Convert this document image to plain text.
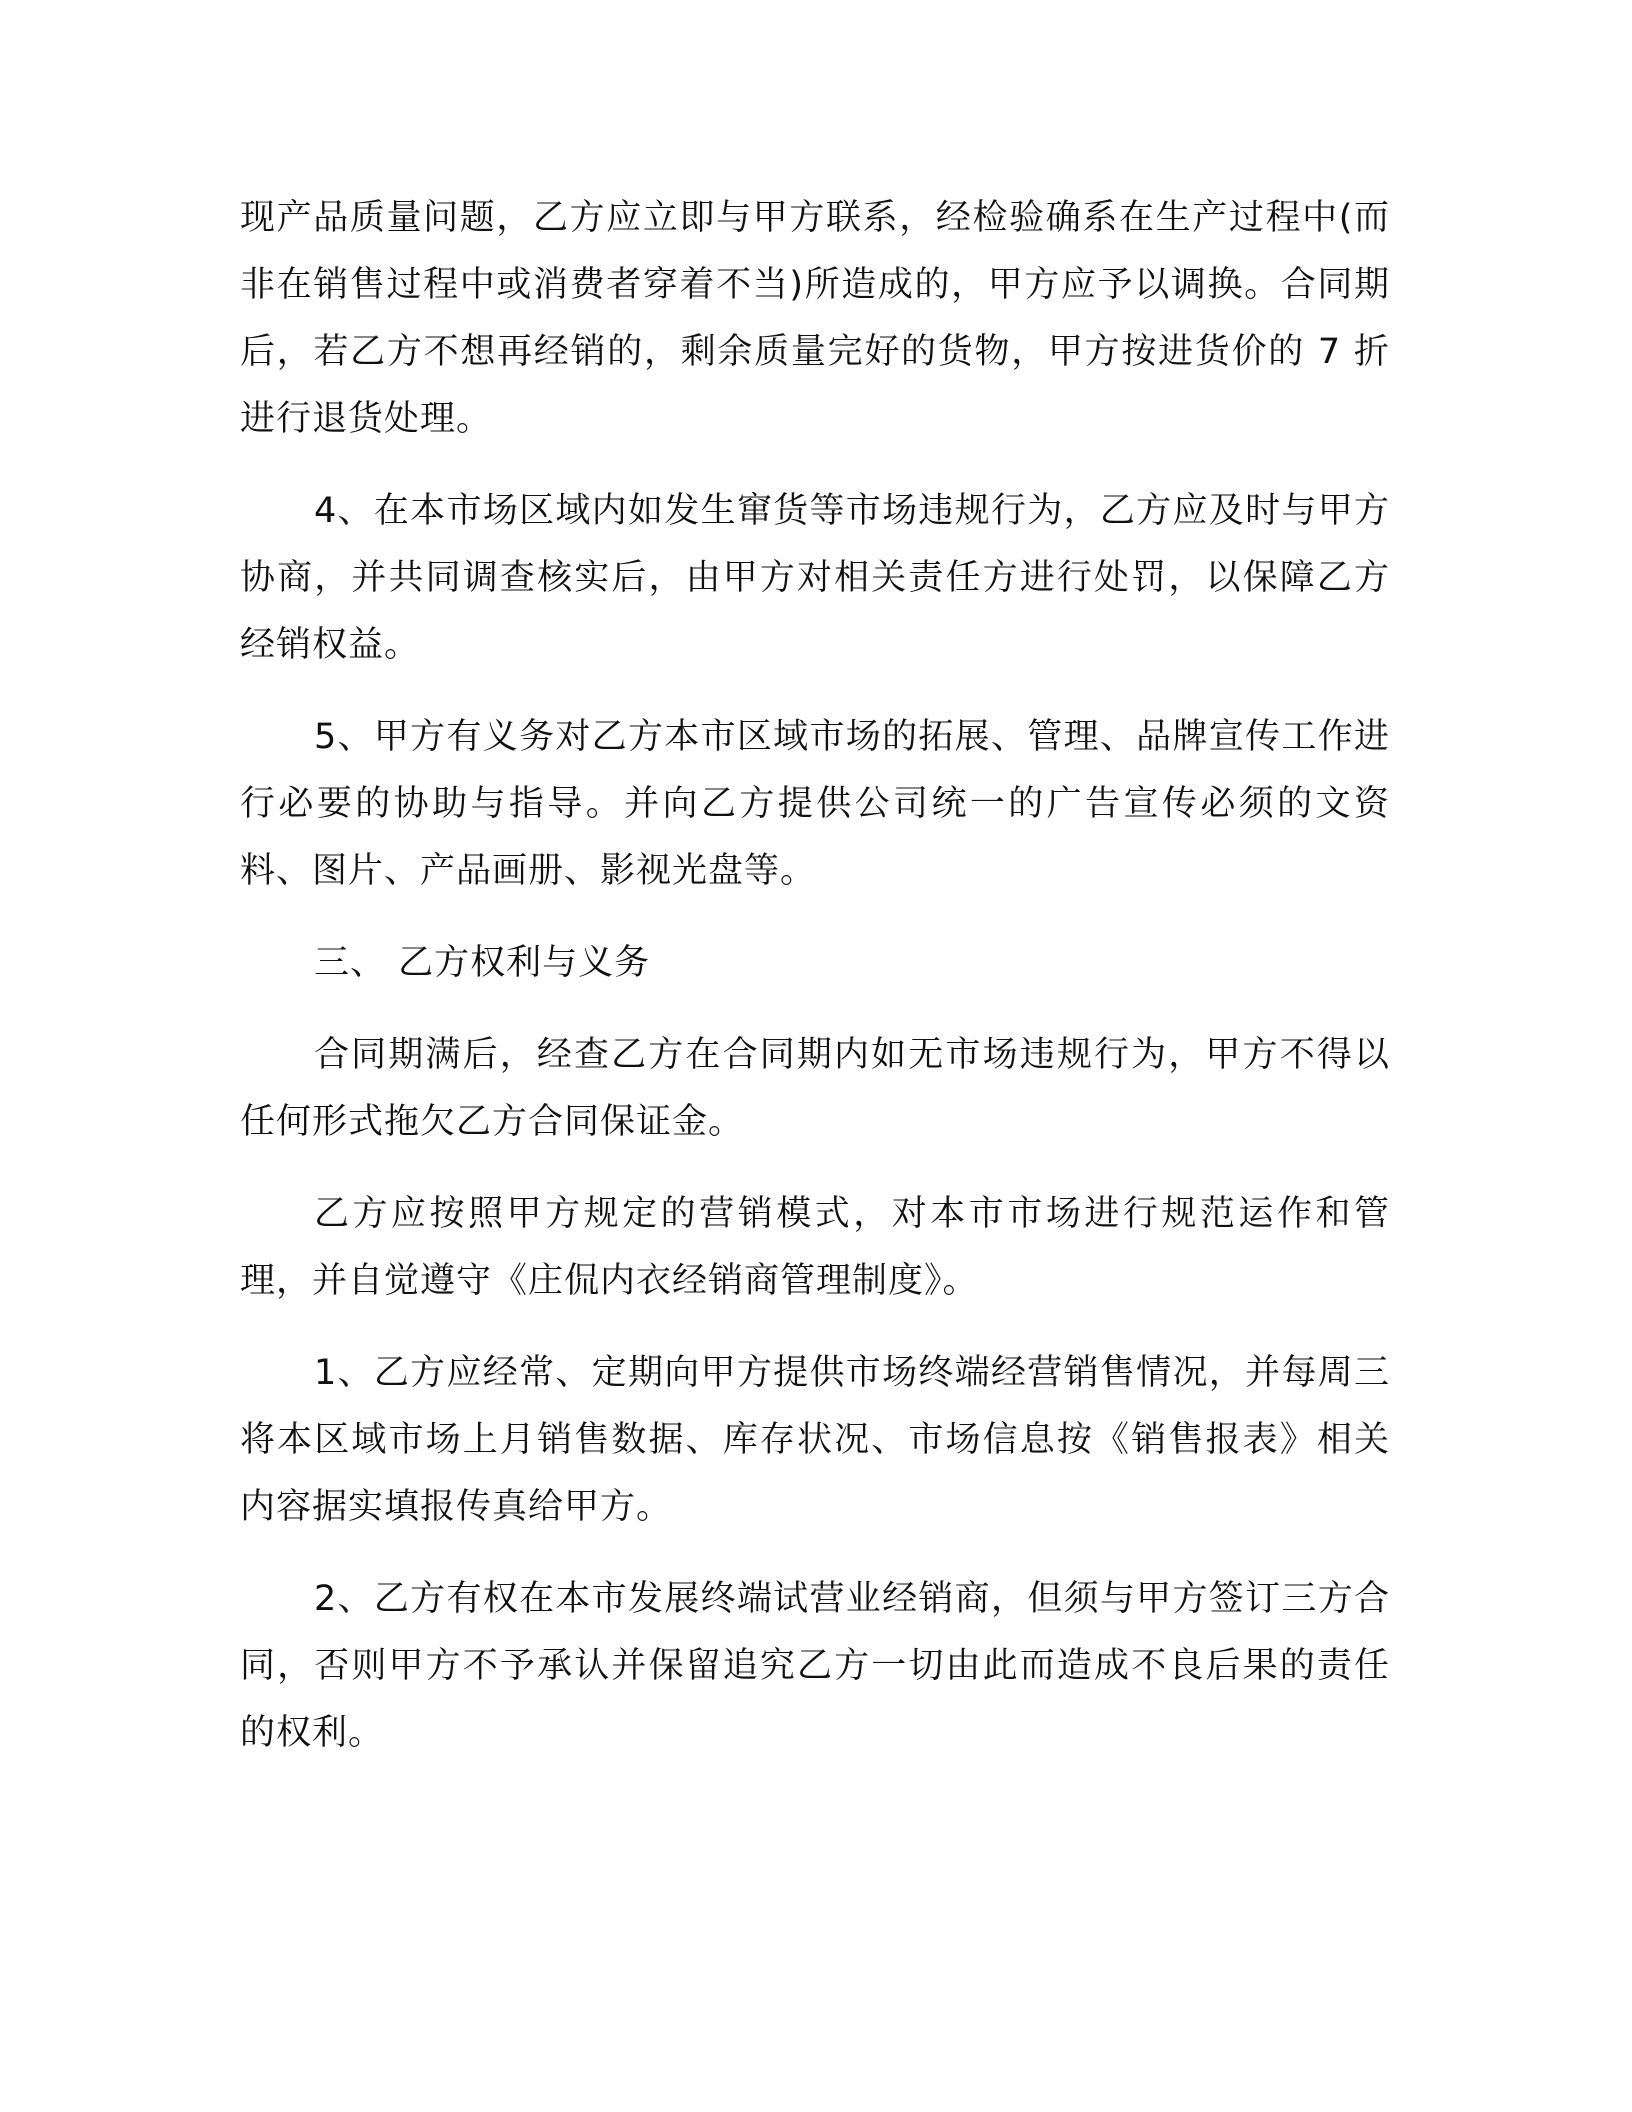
现产品质量问题，乙方应立即与甲方联系，经检验确系在生产过程中(而非在销售过程中或消费者穿着不当)所造成的，甲方应予以调换。合同期后，若乙方不想再经销的，剩余质量完好的货物，甲方按进货价的 7 折进行退货处理。

4、在本市场区域内如发生窜货等市场违规行为，乙方应及时与甲方协商，并共同调查核实后，由甲方对相关责任方进行处罚，以保障乙方经销权益。

5、甲方有义务对乙方本市区域市场的拓展、管理、品牌宣传工作进行必要的协助与指导。并向乙方提供公司统一的广告宣传必须的文资料、图片、产品画册、影视光盘等。

三、 乙方权利与义务

合同期满后，经查乙方在合同期内如无市场违规行为，甲方不得以任何形式拖欠乙方合同保证金。

乙方应按照甲方规定的营销模式，对本市市场进行规范运作和管理，并自觉遵守《庄侃内衣经销商管理制度》。

1、乙方应经常、定期向甲方提供市场终端经营销售情况，并每周三将本区域市场上月销售数据、库存状况、市场信息按《销售报表》相关内容据实填报传真给甲方。

2、乙方有权在本市发展终端试营业经销商，但须与甲方签订三方合同，否则甲方不予承认并保留追究乙方一切由此而造成不良后果的责任的权利。
